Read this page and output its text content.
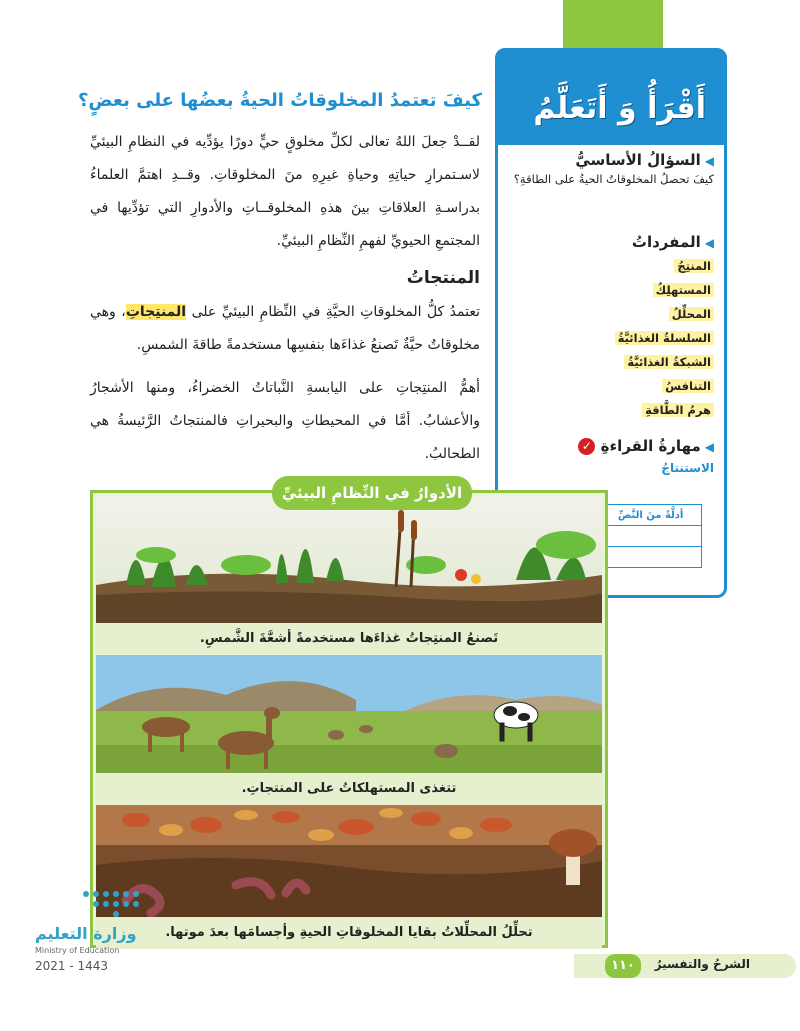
أَقْرَأُ وَ أَتَعَلَّمُ
◀السؤالُ الأساسيُّ
كيفَ تحصلُ المخلوقاتُ الحيةُ على الطاقةِ؟
◀المفرداتُ
المنتِجُ
المستهلِكُ
المحلِّلُ
السلسلةُ الغذائيَّةُ
الشبكةُ الغذائيَّةُ
التنافسُ
هرمُ الطَّاقةِ
◀مهارةُ القراءةِ ✓
الاستنتاجُ
أدلَّةٌ منَ النَّصِّ	

كيفَ تعتمدُ المخلوقاتُ الحيةُ بعضُها على بعضٍ؟
لقــدْ جعلَ اللهُ تعالى لكلِّ مخلوقٍ حيٍّ دورًا يؤدِّيه في النظامِ البيئيِّ لاسـتمرارِ حياتِهِ وحياةِ غيرِهِ منَ المخلوقاتِ. وقــدِ اهتمَّ العلماءُ بدراسـةِ العلاقاتِ بينَ هذهِ المخلوقــاتِ والأدوارِ التي تؤدِّيها في المجتمعِ الحيويِّ لفهمِ النِّظامِ البيئيِّ.
المنتجاتُ
تعتمدُ كلُّ المخلوقاتِ الحيَّةِ في النِّظامِ البيئيِّ على المنتِجاتِ، وهي مخلوقاتٌ حيَّةٌ تَصنعُ غذاءَها بنفسِها مستخدمةً طاقةَ الشمسِ.
أهمُّ المنتِجاتِ على اليابسةِ النَّباتاتُ الخضراءُ، ومنها الأشجارُ والأعشابُ. أمَّا في المحيطاتِ والبحيراتِ فالمنتجاتُ الرَّئيسةُ هي الطحالبُ.
تَصنعُ المنتِجاتُ غذاءَها مستخدمةً أشعَّةَ الشَّمسِ.
تتغذى المستهلكاتُ على المنتجاتِ.
تحلِّلُ المحلِّلاتُ بقايا المخلوقاتِ الحيةِ وأجسامَها بعدَ موتها.
الأدوارُ في النِّظامِ البيئيِّ
١١٠	الشرحُ والتفسيرُ
وزارة التعليم
Ministry of Education
2021 - 1443
